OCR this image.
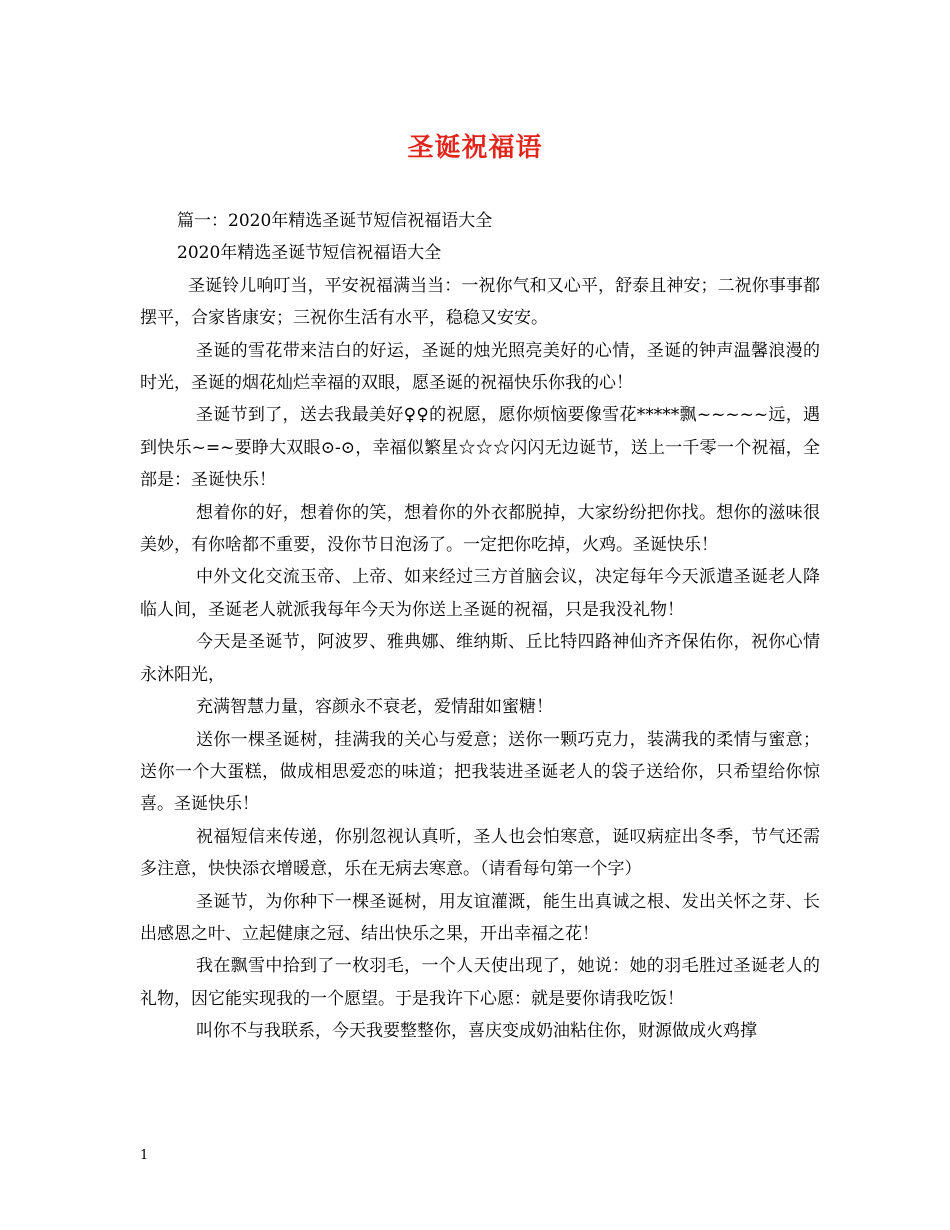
圣诞祝福语

篇一：2020年精选圣诞节短信祝福语大全

2020年精选圣诞节短信祝福语大全

圣诞铃儿响叮当，平安祝福满当当：一祝你气和又心平，舒泰且神安；二祝你事事都摆平，合家皆康安；三祝你生活有水平，稳稳又安安。

圣诞的雪花带来洁白的好运，圣诞的烛光照亮美好的心情，圣诞的钟声温馨浪漫的时光，圣诞的烟花灿烂幸福的双眼，愿圣诞的祝福快乐你我的心！

圣诞节到了，送去我最美好♀♀的祝愿，愿你烦恼要像雪花*****飘~~~~~远，遇到快乐~=~要睁大双眼⊙-⊙，幸福似繁星☆☆☆闪闪无边诞节，送上一千零一个祝福，全部是：圣诞快乐！

想着你的好，想着你的笑，想着你的外衣都脱掉，大家纷纷把你找。想你的滋味很美妙，有你啥都不重要，没你节日泡汤了。一定把你吃掉，火鸡。圣诞快乐！

中外文化交流玉帝、上帝、如来经过三方首脑会议，决定每年今天派遣圣诞老人降临人间，圣诞老人就派我每年今天为你送上圣诞的祝福，只是我没礼物！

今天是圣诞节，阿波罗、雅典娜、维纳斯、丘比特四路神仙齐齐保佑你，祝你心情永沐阳光，

充满智慧力量，容颜永不衰老，爱情甜如蜜糖！

送你一棵圣诞树，挂满我的关心与爱意；送你一颗巧克力，装满我的柔情与蜜意；送你一个大蛋糕，做成相思爱恋的味道；把我装进圣诞老人的袋子送给你，只希望给你惊喜。圣诞快乐！

祝福短信来传递，你别忽视认真听，圣人也会怕寒意，诞叹病症出冬季，节气还需多注意，快快添衣增暖意，乐在无病去寒意。（请看每句第一个字）

圣诞节，为你种下一棵圣诞树，用友谊灌溉，能生出真诚之根、发出关怀之芽、长出感恩之叶、立起健康之冠、结出快乐之果，开出幸福之花！

我在飘雪中拾到了一枚羽毛，一个人天使出现了，她说：她的羽毛胜过圣诞老人的礼物，因它能实现我的一个愿望。于是我许下心愿：就是要你请我吃饭！

叫你不与我联系，今天我要整整你，喜庆变成奶油粘住你，财源做成火鸡撑

1
